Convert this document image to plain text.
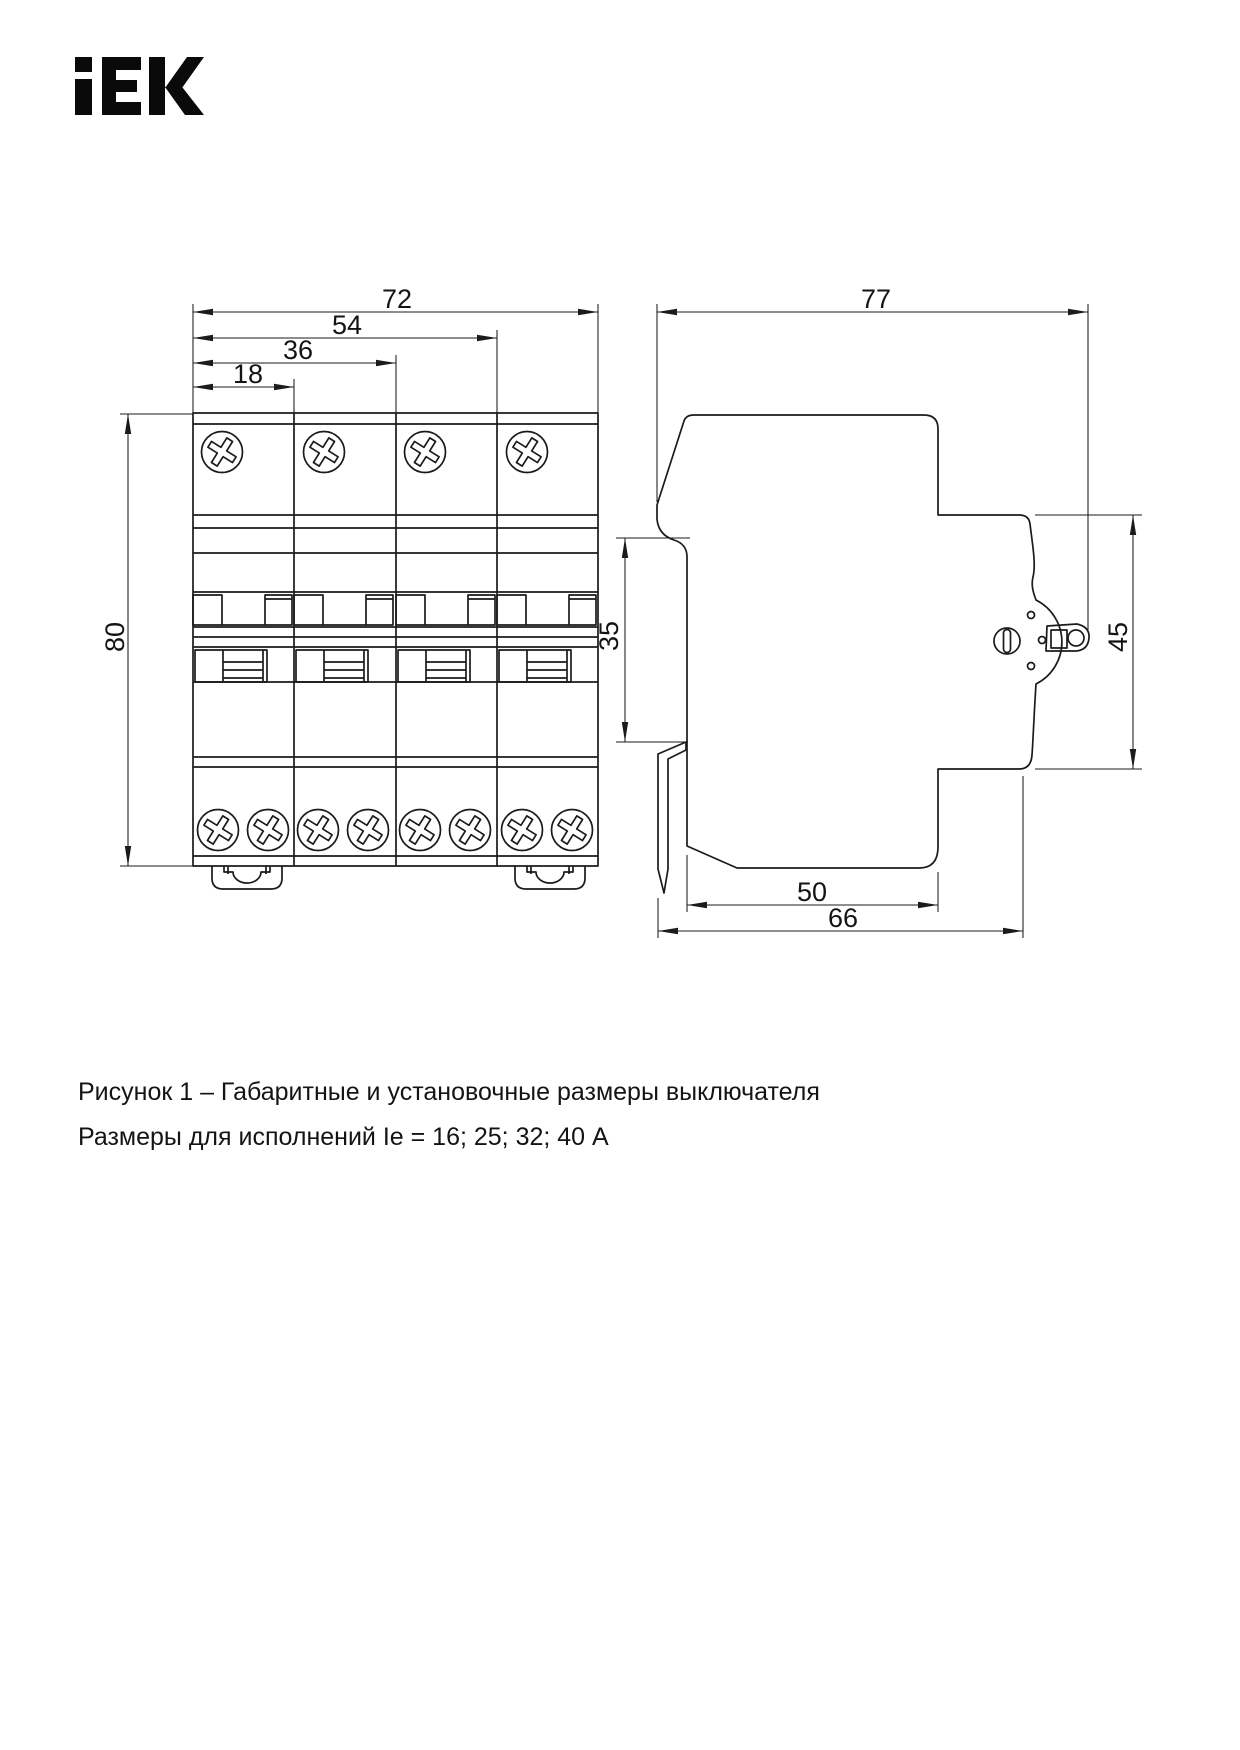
72
54
36
18
80
77
35	45
50
66
Рисунок 1 – Габаритные и установочные размеры выключателя
Размеры для исполнений Ie = 16; 25; 32; 40 А
